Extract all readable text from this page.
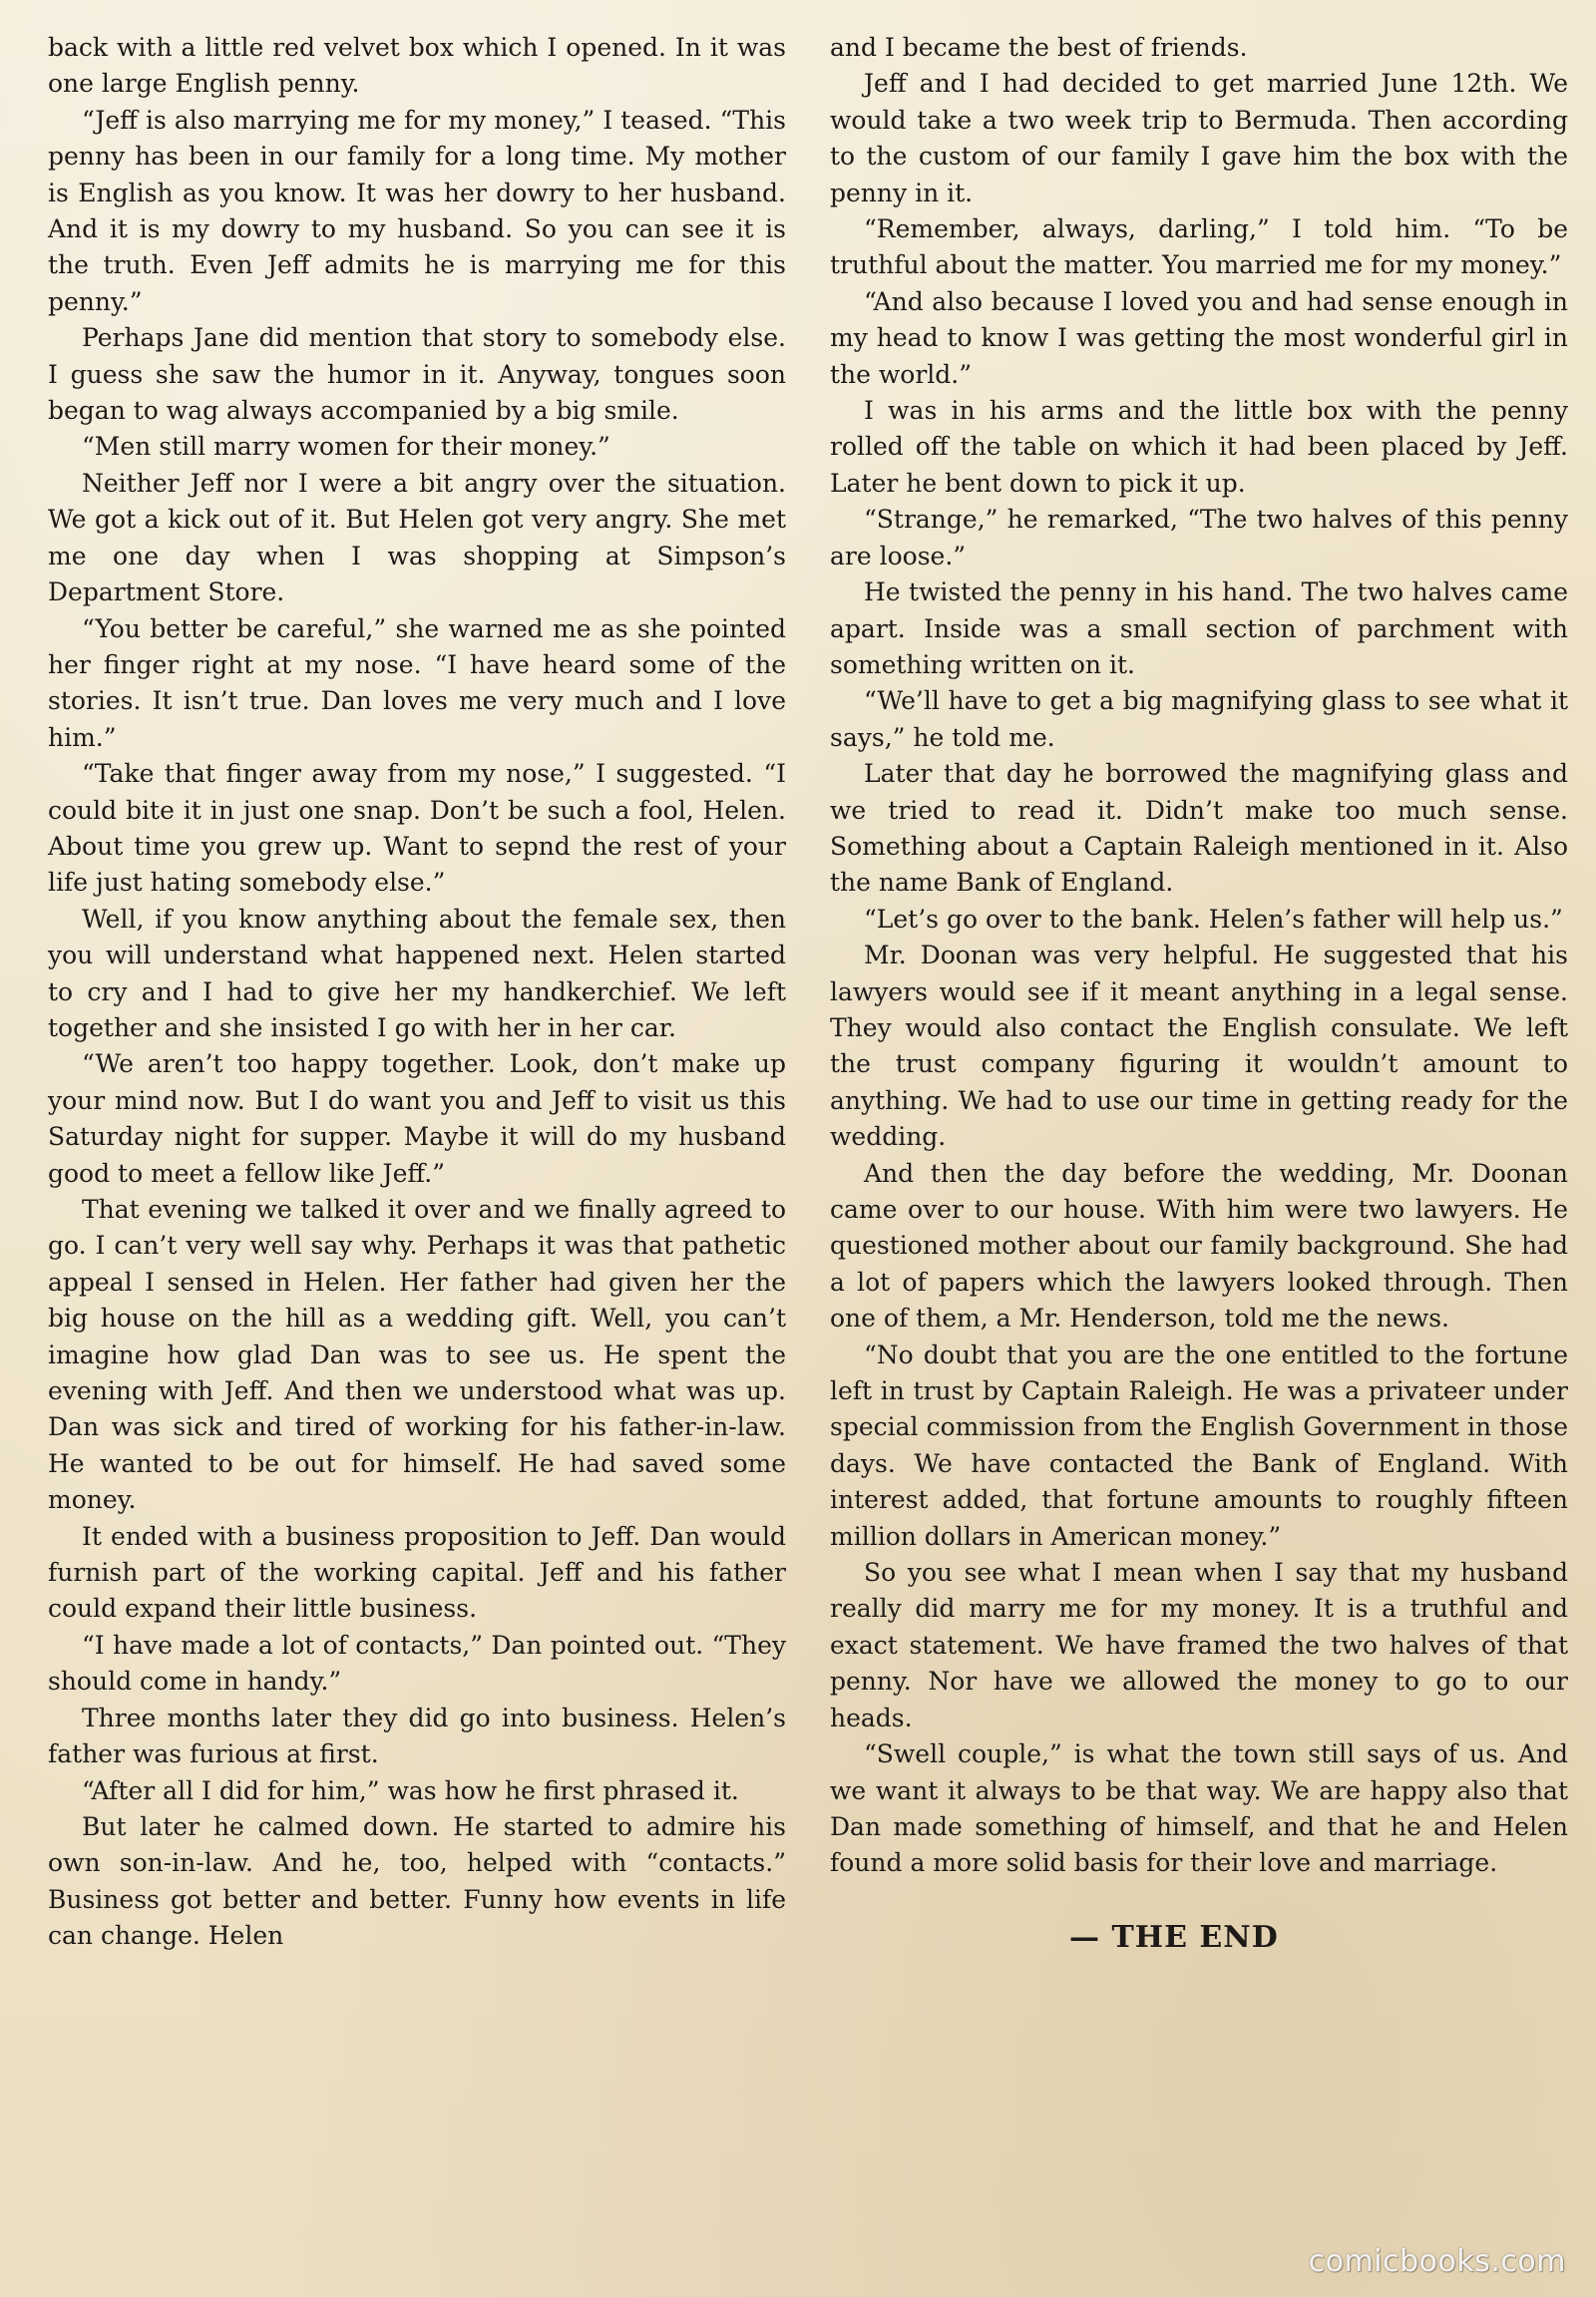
back with a little red velvet box which I opened. In it was one large English penny.

“Jeff is also marrying me for my money,” I teased. “This penny has been in our family for a long time. My mother is English as you know. It was her dowry to her husband. And it is my dowry to my husband. So you can see it is the truth. Even Jeff admits he is marrying me for this penny.”

Perhaps Jane did mention that story to somebody else. I guess she saw the humor in it. Anyway, tongues soon began to wag always accompanied by a big smile.

“Men still marry women for their money.”

Neither Jeff nor I were a bit angry over the situation. We got a kick out of it. But Helen got very angry. She met me one day when I was shopping at Simpson’s Department Store.

“You better be careful,” she warned me as she pointed her finger right at my nose. “I have heard some of the stories. It isn’t true. Dan loves me very much and I love him.”

“Take that finger away from my nose,” I suggested. “I could bite it in just one snap. Don’t be such a fool, Helen. About time you grew up. Want to sepnd the rest of your life just hating somebody else.”

Well, if you know anything about the female sex, then you will understand what happened next. Helen started to cry and I had to give her my handkerchief. We left together and she insisted I go with her in her car.

“We aren’t too happy together. Look, don’t make up your mind now. But I do want you and Jeff to visit us this Saturday night for supper. Maybe it will do my husband good to meet a fellow like Jeff.”

That evening we talked it over and we finally agreed to go. I can’t very well say why. Perhaps it was that pathetic appeal I sensed in Helen. Her father had given her the big house on the hill as a wedding gift. Well, you can’t imagine how glad Dan was to see us. He spent the evening with Jeff. And then we understood what was up. Dan was sick and tired of working for his father-in-law. He wanted to be out for himself. He had saved some money.

It ended with a business proposition to Jeff. Dan would furnish part of the working capital. Jeff and his father could expand their little business.

“I have made a lot of contacts,” Dan pointed out. “They should come in handy.”

Three months later they did go into business. Helen’s father was furious at first.

“After all I did for him,” was how he first phrased it.

But later he calmed down. He started to admire his own son-in-law. And he, too, helped with “contacts.” Business got better and better. Funny how events in life can change. Helen

and I became the best of friends.

Jeff and I had decided to get married June 12th. We would take a two week trip to Bermuda. Then according to the custom of our family I gave him the box with the penny in it.

“Remember, always, darling,” I told him. “To be truthful about the matter. You married me for my money.”

“And also because I loved you and had sense enough in my head to know I was getting the most wonderful girl in the world.”

I was in his arms and the little box with the penny rolled off the table on which it had been placed by Jeff. Later he bent down to pick it up.

“Strange,” he remarked, “The two halves of this penny are loose.”

He twisted the penny in his hand. The two halves came apart. Inside was a small section of parchment with something written on it.

“We’ll have to get a big magnifying glass to see what it says,” he told me.

Later that day he borrowed the magnifying glass and we tried to read it. Didn’t make too much sense. Something about a Captain Raleigh mentioned in it. Also the name Bank of England.

“Let’s go over to the bank. Helen’s father will help us.”

Mr. Doonan was very helpful. He suggested that his lawyers would see if it meant anything in a legal sense. They would also contact the English consulate. We left the trust company figuring it wouldn’t amount to anything. We had to use our time in getting ready for the wedding.

And then the day before the wedding, Mr. Doonan came over to our house. With him were two lawyers. He questioned mother about our family background. She had a lot of papers which the lawyers looked through. Then one of them, a Mr. Henderson, told me the news.

“No doubt that you are the one entitled to the fortune left in trust by Captain Raleigh. He was a privateer under special commission from the English Government in those days. We have contacted the Bank of England. With interest added, that fortune amounts to roughly fifteen million dollars in American money.”

So you see what I mean when I say that my husband really did marry me for my money. It is a truthful and exact statement. We have framed the two halves of that penny. Nor have we allowed the money to go to our heads.

“Swell couple,” is what the town still says of us. And we want it always to be that way. We are happy also that Dan made something of himself, and that he and Helen found a more solid basis for their love and marriage.

— THE END
comicbooks.com
